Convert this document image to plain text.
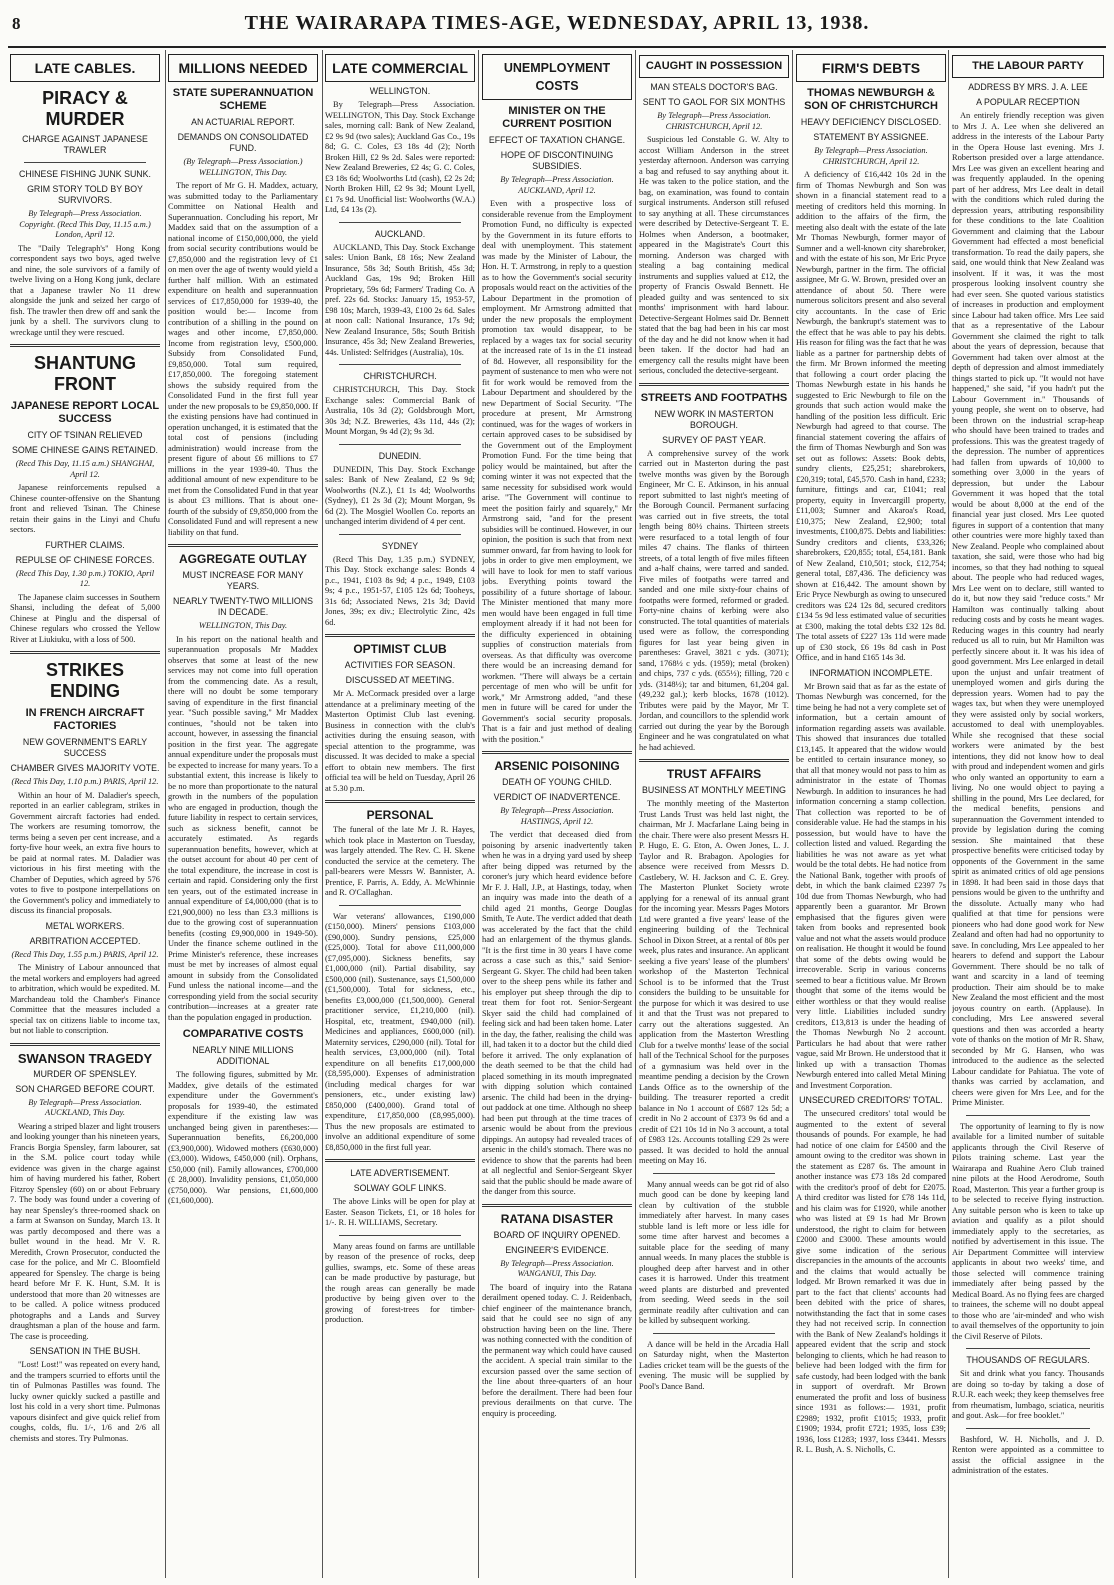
8	THE WAIRARAPA TIMES-AGE, WEDNESDAY, APRIL 13, 1938.
LATE CABLES.
PIRACY & MURDER
CHARGE AGAINST JAPANESE TRAWLER
CHINESE FISHING JUNK SUNK.
GRIM STORY TOLD BY BOY SURVIVORS.

By Telegraph—Press Association. Copyright. (Recd This Day, 11.15 a.m.) London, April 12.

The "Daily Telegraph's" Hong Kong correspondent says two boys, aged twelve and nine, the sole survivors of a family of twelve living on a Hong Kong junk, declare that a Japanese trawler No 11 drew alongside the junk and seized her cargo of fish. The trawler then drew off and sank the junk by a shell. The survivors clung to wreckage until they were rescued.

SHANTUNG FRONT
JAPANESE REPORT LOCAL SUCCESS
CITY OF TSINAN RELIEVED
SOME CHINESE GAINS RETAINED.

(Recd This Day, 11.15 a.m.) SHANGHAI, April 12.

Japanese reinforcements repulsed a Chinese counter-offensive on the Shantung front and relieved Tsinan. The Chinese retain their gains in the Linyi and Chufu sectors.

FURTHER CLAIMS.
REPULSE OF CHINESE FORCES.

(Recd This Day, 1.30 p.m.) TOKIO, April 12.

The Japanese claim successes in Southern Shansi, including the defeat of 5,000 Chinese at Pinglu and the dispersal of Chinese regulars who crossed the Yellow River at Liukiuku, with a loss of 500.

STRIKES ENDING
IN FRENCH AIRCRAFT FACTORIES
NEW GOVERNMENT'S EARLY SUCCESS
CHAMBER GIVES MAJORITY VOTE.

(Recd This Day, 1.10 p.m.) PARIS, April 12.

Within an hour of M. Daladier's speech, reported in an earlier cablegram, strikes in Government aircraft factories had ended. The workers are resuming tomorrow, the terms being a seven per cent increase, and a forty-five hour week, an extra five hours to be paid at normal rates. M. Daladier was victorious in his first meeting with the Chamber of Deputies, which agreed by 576 votes to five to postpone interpellations on the Government's policy and immediately to discuss its financial proposals.

METAL WORKERS.
ARBITRATION ACCEPTED.

(Recd This Day, 1.55 p.m.) PARIS, April 12.

The Ministry of Labour announced that the metal workers and employers had agreed to arbitration, which would be expedited. M. Marchandeau told the Chamber's Finance Committee that the measures included a special tax on citizens liable to income tax, but not liable to conscription.

SWANSON TRAGEDY
MURDER OF SPENSLEY.
SON CHARGED BEFORE COURT.

By Telegraph—Press Association. AUCKLAND, This Day.

Wearing a striped blazer and light trousers and looking younger than his nineteen years, Francis Borgia Spensley, farm labourer, sat in the S.M. police court today while evidence was given in the charge against him of having murdered his father, Robert Fitzroy Spensley (60) on or about February 7. The body was found under a covering of hay near Spensley's three-roomed shack on a farm at Swanson on Sunday, March 13. It was partly decomposed and there was a bullet wound in the head. Mr V. R. Meredith, Crown Prosecutor, conducted the case for the police, and Mr C. Bloomfield appeared for Spensley. The charge is being heard before Mr F. K. Hunt, S.M. It is understood that more than 20 witnesses are to be called. A police witness produced photographs and a Lands and Survey draughtsman a plan of the house and farm. The case is proceeding.

SENSATION IN THE BUSH.

"Lost! Lost!" was repeated on every hand, and the trampers scurried to efforts until the tin of Pulmonas Pastilles was found. The lucky owner quickly sucked a pastille and lost his cold in a very short time. Pulmonas vapours disinfect and give quick relief from coughs, colds, flu. 1/-, 1/6 and 2/6 all chemists and stores. Try Pulmonas.

MILLIONS NEEDED
STATE SUPERANNUATION SCHEME
AN ACTUARIAL REPORT.
DEMANDS ON CONSOLIDATED FUND.

(By Telegraph—Press Association.) WELLINGTON, This Day.

The report of Mr G. H. Maddex, actuary, was submitted today to the Parliamentary Committee on National Health and Superannuation. Concluding his report, Mr Maddex said that on the assumption of a national income of £150,000,000, the yield from social security contributions would be £7,850,000 and the registration levy of £1 on men over the age of twenty would yield a further half million. With an estimated expenditure on health and superannuation services of £17,850,000 for 1939-40, the position would be:— Income from contribution of a shilling in the pound on wages and other income, £7,850,000. Income from registration levy, £500,000. Subsidy from Consolidated Fund, £9,850,000. Total sum required, £17,850,000. The foregoing statement shows the subsidy required from the Consolidated Fund in the first full year under the new proposals to be £9,850,000. If the existing pensions have had continued in operation unchanged, it is estimated that the total cost of pensions (including administration) would increase from the present figure of about £6 millions to £7 millions in the year 1939-40. Thus the additional amount of new expenditure to be met from the Consolidated Fund in that year is about £3 millions. That is about one-fourth of the subsidy of £9,850,000 from the Consolidated Fund and will represent a new liability on that fund.

AGGREGATE OUTLAY
MUST INCREASE FOR MANY YEARS.
NEARLY TWENTY-TWO MILLIONS IN DECADE.

WELLINGTON, This Day.

In his report on the national health and superannuation proposals Mr Maddex observes that some at least of the new services may not come into full operation from the commencing date. As a result, there will no doubt be some temporary saving of expenditure in the first financial year. "Such possible saving," Mr Maddex continues, "should not be taken into account, however, in assessing the financial position in the first year. The aggregate annual expenditure under the proposals must be expected to increase for many years. To a substantial extent, this increase is likely to be no more than proportionate to the natural growth in the numbers of the population who are engaged in production, though the future liability in respect to certain services, such as sickness benefit, cannot be accurately estimated. As regards superannuation benefits, however, which at the outset account for about 40 per cent of the total expenditure, the increase in cost is certain and rapid. Considering only the first ten years, out of the estimated increase in annual expenditure of £4,000,000 (that is to £21,900,000) no less than £3.3 millions is due to the growing cost of superannuation benefits (costing £9,900,000 in 1949-50). Under the finance scheme outlined in the Prime Minister's reference, these increases must be met by increases of almost equal amount in subsidy from the Consolidated Fund unless the national income—and the corresponding yield from the social security contribution—increases at a greater rate than the population engaged in production.

COMPARATIVE COSTS
NEARLY NINE MILLIONS ADDITIONAL

The following figures, submitted by Mr. Maddex, give details of the estimated expenditure under the Government's proposals for 1939-40, the estimated expenditure if the existing law was unchanged being given in parentheses:— Superannuation benefits, £6,200,000 (£3,900,000). Widowed mothers (£630,000) (£3,000). Widows, £450,000 (nil). Orphans, £50,000 (nil). Family allowances, £700,000 (£ 28,000). Invalidity pensions, £1,050,000 (£750,000). War pensions, £1,600,000 (£1,600,000).

LATE COMMERCIAL
WELLINGTON.

By Telegraph—Press Association. WELLINGTON, This Day. Stock Exchange sales, morning call: Bank of New Zealand, £2 9s 9d (two sales); Auckland Gas Co., 19s 8d; G. C. Coles, £3 18s 4d (2); North Broken Hill, £2 9s 2d. Sales were reported: New Zealand Breweries, £2 4s; G. C. Coles, £3 18s 6d; Woolworths Ltd (cash), £2 2s 2d; North Broken Hill, £2 9s 3d; Mount Lyell, £1 7s 9d. Unofficial list: Woolworths (W.A.) Ltd, £4 13s (2).

AUCKLAND.

AUCKLAND, This Day. Stock Exchange sales: Union Bank, £8 16s; New Zealand Insurance, 58s 3d; South British, 45s 3d; Auckland Gas, 19s 9d; Broken Hill Proprietary, 59s 6d; Farmers' Trading Co. A pref. 22s 6d. Stocks: January 15, 1953-57, £98 10s; March, 1939-43, £100 2s 6d. Sales at noon call: National Insurance, 17s 9d; New Zealand Insurance, 58s; South British Insurance, 45s 3d; New Zealand Breweries, 44s. Unlisted: Selfridges (Australia), 10s.

CHRISTCHURCH.

CHRISTCHURCH, This Day. Stock Exchange sales: Commercial Bank of Australia, 10s 3d (2); Goldsbrough Mort, 30s 3d; N.Z. Breweries, 43s 11d, 44s (2); Mount Morgan, 9s 4d (2); 9s 3d.

DUNEDIN.

DUNEDIN, This Day. Stock Exchange sales: Bank of New Zealand, £2 9s 9d; Woolworths (N.Z.), £1 1s 4d; Woolworths (Sydney), £1 2s 3d (2); Mount Morgan, 9s 6d (2). The Mosgiel Woollen Co. reports an unchanged interim dividend of 4 per cent.

SYDNEY

(Recd This Day, 1.35 p.m.) SYDNEY, This Day. Stock exchange sales: Bonds 4 p.c., 1941, £103 8s 9d; 4 p.c., 1949, £103 9s; 4 p.c., 1951-57, £105 12s 6d; Tooheys, 31s 6d; Associated News, 21s 3d; David Jones, 39s; ex div.; Electrolytic Zinc, 42s 6d.

OPTIMIST CLUB
ACTIVITIES FOR SEASON.
DISCUSSED AT MEETING.

Mr A. McCormack presided over a large attendance at a preliminary meeting of the Masterton Optimist Club last evening. Business in connection with the club's activities during the ensuing season, with special attention to the programme, was discussed. It was decided to make a special effort to obtain new members. The first official tea will be held on Tuesday, April 26 at 5.30 p.m.

PERSONAL

The funeral of the late Mr J. R. Hayes, which took place in Masterton on Tuesday, was largely attended. The Rev. C. H. Skene conducted the service at the cemetery. The pall-bearers were Messrs W. Bannister, A. Prentice, F. Parris, A. Eddy, A. McWhinnie and R. O'Callaghan.

War veterans' allowances, £190,000 (£150,000). Miners' pensions £103,000 (£90,000). Sundry pensions, £25,000 (£25,000). Total for above £11,000,000 (£7,095,000). Sickness benefits, say £1,000,000 (nil). Partial disability, say £500,000 (nil). Sustenance, says £1,500,000 (£1,500,000). Total for sickness, etc., benefits £3,000,000 (£1,500,000). General practitioner service, £1,210,000 (nil). Hospital, etc, treatment, £940,000 (nil). Medicines and appliances, £600,000 (nil). Maternity services, £290,000 (nil). Total for health services, £3,000,000 (nil). Total expenditure on all benefits £17,000,000 (£8,595,000). Expenses of administration (including medical charges for war pensioners, etc., under existing law) £850,000 (£400,000). Grand total of expenditure, £17,850,000 (£8,995,000). Thus the new proposals are estimated to involve an additional expenditure of some £8,850,000 in the first full year.

LATE ADVERTISEMENT.
SOLWAY GOLF LINKS.

The above Links will be open for play at Easter. Season Tickets, £1, or 18 holes for 1/-. R. H. WILLIAMS, Secretary.

Many areas found on farms are untillable by reason of the presence of rocks, deep gullies, swamps, etc. Some of these areas can be made productive by pasturage, but the rough areas can generally be made productive by being given over to the growing of forest-trees for timber-production.

UNEMPLOYMENT COSTS
MINISTER ON THE CURRENT POSITION
EFFECT OF TAXATION CHANGE.
HOPE OF DISCONTINUING SUBSIDIES.

By Telegraph—Press Association. AUCKLAND, April 12.

Even with a prospective loss of considerable revenue from the Employment Promotion Fund, no difficulty is expected by the Government in its future efforts to deal with unemployment. This statement was made by the Minister of Labour, the Hon. H. T. Armstrong, in reply to a question as to how the Government's social security proposals would react on the activities of the Labour Department in the promotion of employment. Mr Armstrong admitted that under the new proposals the employment promotion tax would disappear, to be replaced by a wages tax for social security at the increased rate of 1s in the £1 instead of 8d. However, all responsibility for the payment of sustenance to men who were not fit for work would be removed from the Labour Department and shouldered by the new Department of Social Security. "The procedure at present, Mr Armstrong continued, was for the wages of workers in certain approved cases to be subsidised by the Government out of the Employment Promotion Fund. For the time being that policy would be maintained, but after the coming winter it was not expected that the same necessity for subsidised work would arise. "The Government will continue to meet the position fairly and squarely," Mr Armstrong said, "and for the present subsidies will be continued. However, in our opinion, the position is such that from next summer onward, far from having to look for jobs in order to give men employment, we will have to look for men to staff various jobs. Everything points toward the possibility of a future shortage of labour. The Minister mentioned that many more men would have been engaged in full time employment already if it had not been for the difficulty experienced in obtaining supplies of construction materials from overseas. As that difficulty was overcome there would be an increasing demand for workmen. "There will always be a certain percentage of men who will be unfit for work," Mr Armstrong added, "and these men in future will be cared for under the Government's social security proposals. That is a fair and just method of dealing with the position."

ARSENIC POISONING
DEATH OF YOUNG CHILD.
VERDICT OF INADVERTENCE.

By Telegraph—Press Association. HASTINGS, April 12.

The verdict that deceased died from poisoning by arsenic inadvertently taken when he was in a drying yard used by sheep after being dipped was returned by the coroner's jury which heard evidence before Mr F. J. Hall, J.P., at Hastings, today, when an inquiry was made into the death of a child aged 21 months, George Douglas Smith, Te Aute. The verdict added that death was accelerated by the fact that the child had an enlargement of the thymus glands. "It is the first time in 30 years I have come across a case such as this," said Senior-Sergeant G. Skyer. The child had been taken over to the sheep pens while its father and his employer put sheep through the dip to treat them for foot rot. Senior-Sergeant Skyer said the child had complained of feeling sick and had been taken home. Later in the day, the father, realising the child was ill, had taken it to a doctor but the child died before it arrived. The only explanation of the death seemed to be that the child had placed something in its mouth impregnated with dipping solution which contained arsenic. The child had been in the drying-out paddock at one time. Although no sheep had been put through at the time traces of arsenic would be about from the previous dippings. An autopsy had revealed traces of arsenic in the child's stomach. There was no evidence to show that the parents had been at all neglectful and Senior-Sergeant Skyer said that the public should be made aware of the danger from this source.

RATANA DISASTER
BOARD OF INQUIRY OPENED.
ENGINEER'S EVIDENCE.

By Telegraph—Press Association. WANGANUI, This Day.

The board of inquiry into the Ratana derailment opened today. C. J. Reidenbach, chief engineer of the maintenance branch, said that he could see no sign of any obstruction having been on the line. There was nothing connected with the condition of the permanent way which could have caused the accident. A special train similar to the excursion passed over the same section of the line about three-quarters of an hour before the derailment. There had been four previous derailments on that curve. The enquiry is proceeding.

CAUGHT IN POSSESSION
MAN STEALS DOCTOR'S BAG.
SENT TO GAOL FOR SIX MONTHS

By Telegraph—Press Association. CHRISTCHURCH, April 12.

Suspicious led Constable G. W. Alty to accost William Anderson in the street yesterday afternoon. Anderson was carrying a bag and refused to say anything about it. He was taken to the police station, and the bag, on examination, was found to contain surgical instruments. Anderson still refused to say anything at all. These circumstances were described by Detective-Sergeant T. E. Holmes when Anderson, a bootmaker, appeared in the Magistrate's Court this morning. Anderson was charged with stealing a bag containing medical instruments and supplies valued at £12, the property of Francis Oswald Bennett. He pleaded guilty and was sentenced to six months' imprisonment with hard labour. Detective-Sergeant Holmes said Dr. Bennett stated that the bag had been in his car most of the day and he did not know when it had been taken. If the doctor had had an emergency call the results might have been serious, concluded the detective-sergeant.

STREETS AND FOOTPATHS
NEW WORK IN MASTERTON BOROUGH.
SURVEY OF PAST YEAR.

A comprehensive survey of the work carried out in Masterton during the past twelve months was given by the Borough Engineer, Mr C. E. Atkinson, in his annual report submitted to last night's meeting of the Borough Council. Permanent surfacing was carried out in five streets, the total length being 80½ chains. Thirteen streets were resurfaced to a total length of four miles 47 chains. The flanks of thirteen streets, of a total length of five miles fifteen and a-half chains, were tarred and sanded. Five miles of footpaths were tarred and sanded and one mile sixty-four chains of footpaths were formed, reformed or graded. Forty-nine chains of kerbing were also constructed. The total quantities of materials used were as follow, the corresponding figures for last year being given in parentheses: Gravel, 3821 c yds. (3071); sand, 1768½ c yds. (1959); metal (broken) and chips, 737 c yds. (655½); filling, 720 c yds. (3148½); tar and bitumen, 61,204 gal. (49,232 gal.); kerb blocks, 1678 (1012). Tributes were paid by the Mayor, Mr T. Jordan, and councillors to the splendid work carried out during the year by the Borough Engineer and he was congratulated on what he had achieved.

TRUST AFFAIRS
BUSINESS AT MONTHLY MEETING

The monthly meeting of the Masterton Trust Lands Trust was held last night, the chairman, Mr J. Macfarlane Laing being in the chair. There were also present Messrs H. P. Hugo, E. G. Eton, A. Owen Jones, L. J. Taylor and R. Brabagon. Apologies for absence were received from Messrs D. Castlebery, W. H. Jackson and C. E. Grey. The Masterton Plunket Society wrote applying for a renewal of its annual grant for the incoming year. Messrs Pages Motors Ltd were granted a five years' lease of the engineering building of the Technical School in Dixon Street, at a rental of 80s per week, plus rates and insurance. An applicant seeking a five years' lease of the plumbers' workshop of the Masterton Technical School is to be informed that the Trust considers the building to be unsuitable for the purpose for which it was desired to use it and that the Trust was not prepared to carry out the alterations suggested. An application from the Masterton Wrestling Club for a twelve months' lease of the social hall of the Technical School for the purposes of a gymnasium was held over in the meantime pending a decision by the Crown Lands Office as to the ownership of the building. The treasurer reported a credit balance in No 1 account of £687 12s 5d; a credit in No 2 account of £373 9s 6d and a credit of £21 10s 1d in No 3 account, a total of £983 12s. Accounts totalling £29 2s were passed. It was decided to hold the annual meeting on May 16.

Many annual weeds can be got rid of also much good can be done by keeping land clean by cultivation of the stubble immediately after harvest. In many cases stubble land is left more or less idle for some time after harvest and becomes a suitable place for the seeding of many annual weeds. In many places the stubble is ploughed deep after harvest and in other cases it is harrowed. Under this treatment weed plants are disturbed and prevented from seeding. Weed seeds in the soil germinate readily after cultivation and can be killed by subsequent working.

A dance will be held in the Arcadia Hall on Saturday night, when the Masterton Ladies cricket team will be the guests of the evening. The music will be supplied by Pool's Dance Band.

FIRM'S DEBTS
THOMAS NEWBURGH & SON OF CHRISTCHURCH
HEAVY DEFICIENCY DISCLOSED.
STATEMENT BY ASSIGNEE.

By Telegraph—Press Association. CHRISTCHURCH, April 12.

A deficiency of £16,442 10s 2d in the firm of Thomas Newburgh and Son was shown in a financial statement read to a meeting of creditors held this morning. In addition to the affairs of the firm, the meeting also dealt with the estate of the late Mr Thomas Newburgh, former mayor of Sumner and a well-known city sharebroker, and with the estate of his son, Mr Eric Pryce Newburgh, partner in the firm. The official assignee, Mr G. W. Brown, presided over an attendance of about 50. There were numerous solicitors present and also several city accountants. In the case of Eric Newburgh, the bankrupt's statement was to the effect that he was able to pay his debts. His reason for filing was the fact that he was liable as a partner for partnership debts of the firm. Mr Brown informed the meeting that following a court order placing the Thomas Newburgh estate in his hands he suggested to Eric Newburgh to file on the grounds that such action would make the handling of the position less difficult. Eric Newburgh had agreed to that course. The financial statement covering the affairs of the firm of Thomas Newburgh and Son was set out as follows: Assets: Book debts, sundry clients, £25,251; sharebrokers, £20,319; total, £45,570. Cash in hand, £233; furniture, fittings and car, £1041; real property, equity in Invercargill property, £11,003; Sumner and Akaroa's Road, £10,375; New Zealand, £2,900; total investments, £100,875. Debts and liabilities: Sundry creditors and clients, £33,326; sharebrokers, £20,855; total, £54,181. Bank of New Zealand, £10,501; stock, £12,754; general total, £87,436. The deficiency was shown at £16,442. The amount shown by Eric Pryce Newburgh as owing to unsecured creditors was £24 12s 8d, secured creditors £134 5s 9d less estimated value of securities at £300, making the total debts £32 12s 8d. The total assets of £227 13s 11d were made up of £30 stock, £6 19s 8d cash in Post Office, and in hand £165 14s 3d.

INFORMATION INCOMPLETE.

Mr Brown said that as far as the estate of Thomas Newburgh was concerned, for the time being he had not a very complete set of information, but a certain amount of information regarding assets was available. This showed that insurances due totalled £13,145. It appeared that the widow would be entitled to certain insurance money, so that all that money would not pass to him as administrator in the estate of Thomas Newburgh. In addition to insurances he had information concerning a stamp collection. That collection was reported to be of considerable value. He had the stamps in his possession, but would have to have the collection listed and valued. Regarding the liabilities he was not aware as yet what would be the total debts. He had notice from the National Bank, together with proofs of debt, in which the bank claimed £2397 7s 10d due from Thomas Newburgh, who had apparently been a guarantor. Mr Brown emphasised that the figures given were taken from books and represented book value and not what the assets would produce on realisation. He thought it would be found that some of the debts owing would be irrecoverable. Scrip in various concerns seemed to bear a fictitious value. Mr Brown thought that some of the items would be either worthless or that they would realise very little. Liabilities included sundry creditors, £13,813 is under the heading of the Thomas Newburgh No 2 account. Particulars he had about that were rather vague, said Mr Brown. He understood that it linked up with a transaction Thomas Newburgh entered into called Metal Mining and Investment Corporation.

UNSECURED CREDITORS' TOTAL.

The unsecured creditors' total would be augmented to the extent of several thousands of pounds. For example, he had had notice of one claim for £4500 and the amount owing to the creditor was shown in the statement as £287 6s. The amount in another instance was £73 18s 2d compared with the creditor's proof of debt for £2075. A third creditor was listed for £78 14s 11d, and his claim was for £1920, while another who was listed at £9 1s had Mr Brown understood, the right to claim for between £2000 and £3000. These amounts would give some indication of the serious discrepancies in the amounts of the accounts and the claims that would actually be lodged. Mr Brown remarked it was due in part to the fact that clients' accounts had been debited with the price of shares, notwithstanding the fact that in some cases they had not received scrip. In connection with the Bank of New Zealand's holdings it appeared evident that the scrip and stock belonging to clients, which he had reason to believe had been lodged with the firm for safe custody, had been lodged with the bank in support of overdraft. Mr Brown enumerated the profit and loss of business since 1931 as follows:— 1931, profit £2989; 1932, profit £1015; 1933, profit £1909; 1934, profit £721; 1935, loss £39; 1936, loss £1283; 1937, loss £3441. Messrs R. L. Bush, A. S. Nicholls, C.

THE LABOUR PARTY
ADDRESS BY MRS. J. A. LEE
A POPULAR RECEPTION

An entirely friendly reception was given to Mrs J. A. Lee when she delivered an address in the interests of the Labour Party in the Opera House last evening. Mrs J. Robertson presided over a large attendance. Mrs Lee was given an excellent hearing and was frequently applauded. In the opening part of her address, Mrs Lee dealt in detail with the conditions which ruled during the depression years, attributing responsibility for these conditions to the late Coalition Government and claiming that the Labour Government had effected a most beneficial transformation. To read the daily papers, she said, one would think that New Zealand was insolvent. If it was, it was the most prosperous looking insolvent country she had ever seen. She quoted various statistics of increases in production and employment since Labour had taken office. Mrs Lee said that as a representative of the Labour Government she claimed the right to talk about the years of depression, because that Government had taken over almost at the depth of depression and almost immediately things started to pick up. "It would not have happened," she said, "if you hadn't put the Labour Government in." Thousands of young people, she went on to observe, had been thrown on the industrial scrap-heap who should have been trained to trades and professions. This was the greatest tragedy of the depression. The number of apprentices had fallen from upwards of 10,000 to something over 3,000 in the years of depression, but under the Labour Government it was hoped that the total would be about 8,000 at the end of the financial year just closed. Mrs Lee quoted figures in support of a contention that many other countries were more highly taxed than New Zealand. People who complained about taxation, she said, were those who had big incomes, so that they had nothing to squeal about. The people who had reduced wages, Mrs Lee went on to declare, still wanted to do it, but now they said "reduce costs." Mr Hamilton was continually talking about reducing costs and by costs he meant wages. Reducing wages in this country had nearly reduced us all to ruin, but Mr Hamilton was perfectly sincere about it. It was his idea of good government. Mrs Lee enlarged in detail upon the unjust and unfair treatment of unemployed women and girls during the depression years. Women had to pay the wages tax, but when they were unemployed they were assisted only by social workers, accustomed to deal with unemployables. While she recognised that these social workers were animated by the best intentions, they did not know how to deal with proud and independent women and girls who only wanted an opportunity to earn a living. No one would object to paying a shilling in the pound, Mrs Lee declared, for the medical benefits, pensions and superannuation the Government intended to provide by legislation during the coming session. She maintained that these prospective benefits were criticised today by opponents of the Government in the same spirit as animated critics of old age pensions in 1898. It had been said in those days that pensions would be given to the unthrifty and the dissolute. Actually many who had qualified at that time for pensions were pioneers who had done good work for New Zealand and often had had no opportunity to save. In concluding, Mrs Lee appealed to her hearers to defend and support the Labour Government. There should be no talk of want and scarcity in a land of teeming production. Their aim should be to make New Zealand the most efficient and the most joyous country on earth. (Applause). In concluding, Mrs Lee answered several questions and then was accorded a hearty vote of thanks on the motion of Mr R. Shaw, seconded by Mr G. Hansen, who was introduced to the audience as the selected Labour candidate for Pahiatua. The vote of thanks was carried by acclamation, and cheers were given for Mrs Lee, and for the Prime Minister.

The opportunity of learning to fly is now available for a limited number of suitable applicants through the Civil Reserve of Pilots training scheme. Last year the Wairarapa and Ruahine Aero Club trained nine pilots at the Hood Aerodrome, South Road, Masterton. This year a further group is to be selected to receive flying instruction. Any suitable person who is keen to take up aviation and qualify as a pilot should immediately apply to the secretaries, as notified by advertisement in this issue. The Air Department Committee will interview applicants in about two weeks' time, and those selected will commence training immediately after being passed by the Medical Board. As no flying fees are charged to trainees, the scheme will no doubt appeal to those who are 'air-minded' and who wish to avail themselves of the opportunity to join the Civil Reserve of Pilots.

THOUSANDS OF REGULARS.

Sit and drink what you fancy. Thousands are doing so to-day by taking a dose of R.U.R. each week; they keep themselves free from rheumatism, lumbago, sciatica, neuritis and gout. Ask—for free booklet."

Bashford, W. H. Nicholls, and J. D. Renton were appointed as a committee to assist the official assignee in the administration of the estates.
